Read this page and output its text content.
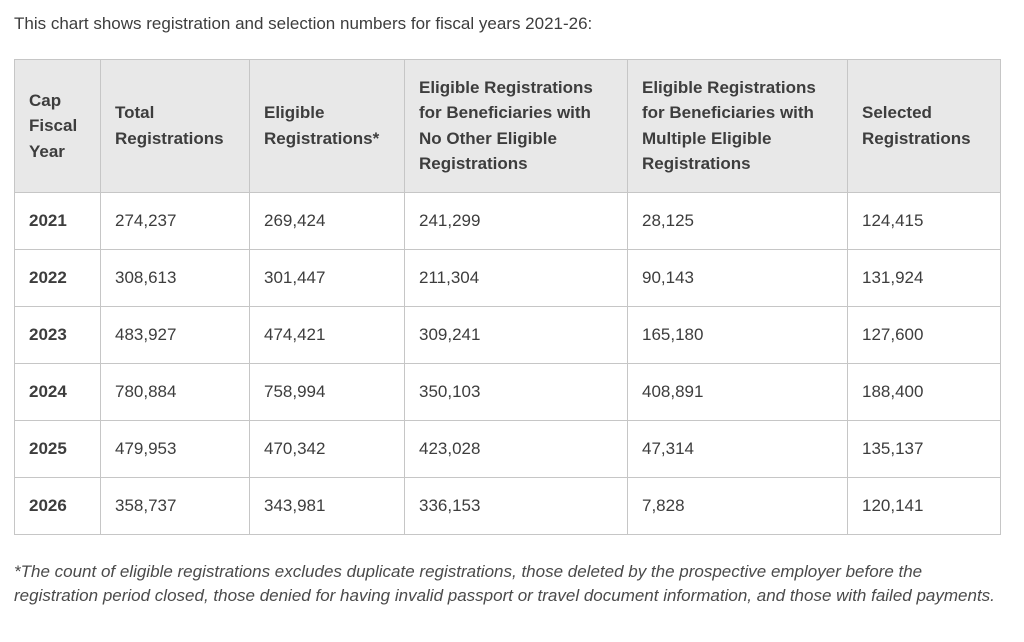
This chart shows registration and selection numbers for fiscal years 2021-26:

Cap Fiscal Year	Total Registrations	Eligible Registrations*	Eligible Registrations for Beneficiaries with No Other Eligible Registrations	Eligible Registrations for Beneficiaries with Multiple Eligible Registrations	Selected Registrations
2021	274,237	269,424	241,299	28,125	124,415
2022	308,613	301,447	211,304	90,143	131,924
2023	483,927	474,421	309,241	165,180	127,600
2024	780,884	758,994	350,103	408,891	188,400
2025	479,953	470,342	423,028	47,314	135,137
2026	358,737	343,981	336,153	7,828	120,141

*The count of eligible registrations excludes duplicate registrations, those deleted by the prospective employer before the registration period closed, those denied for having invalid passport or travel document information, and those with failed payments.
